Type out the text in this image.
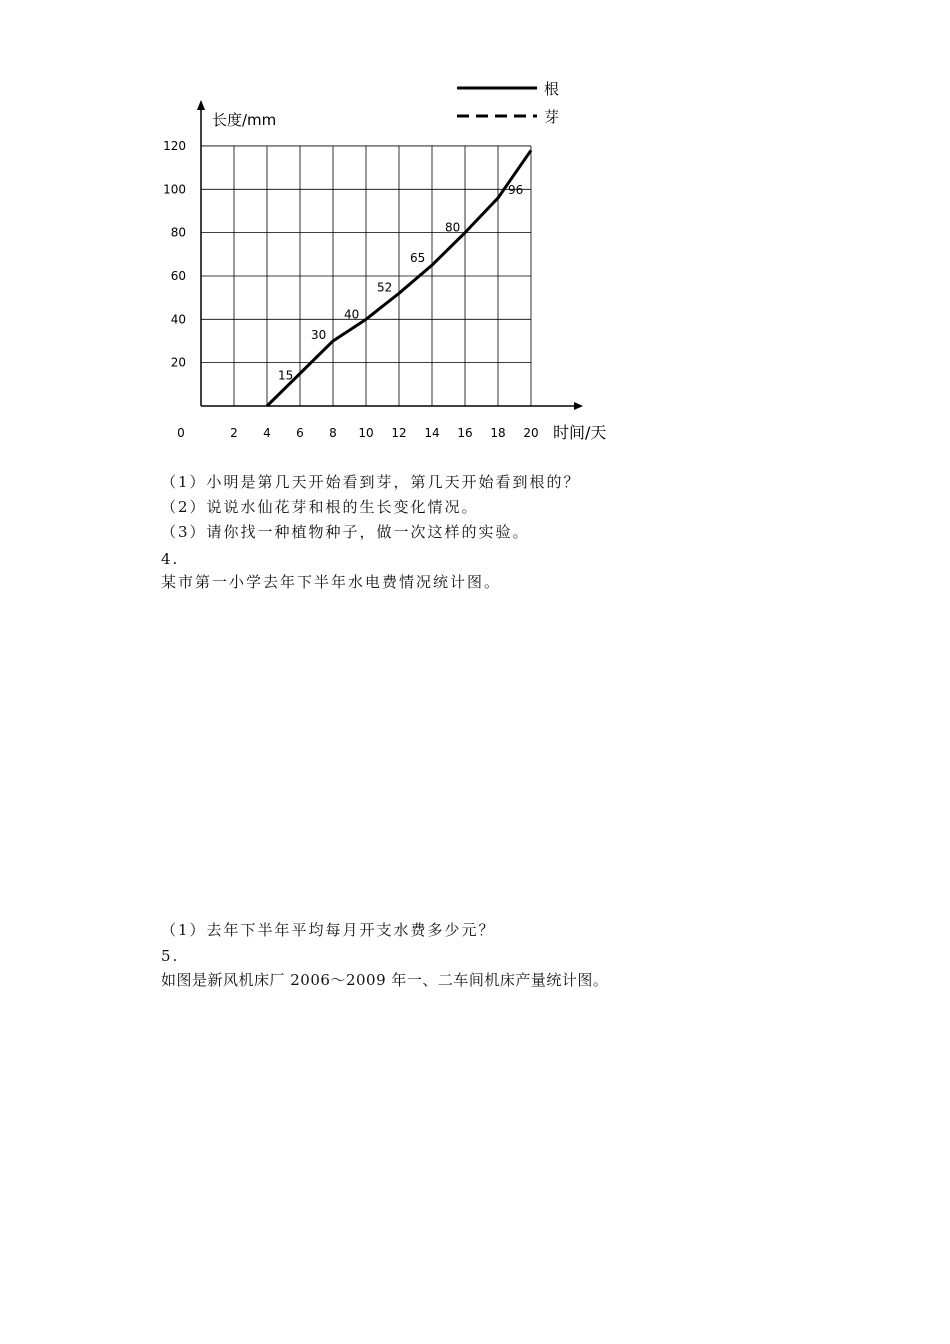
0	2 4 6 8 10 12 14 16 18 20
20
40
60
80
100
120
长度/mm
时间/天
根
芽
15
30
40
52
65
80
96
（1）小明是第几天开始看到芽，第几天开始看到根的？
（2）说说水仙花芽和根的生长变化情况。
（3）请你找一种植物种子，做一次这样的实验。
4.
某市第一小学去年下半年水电费情况统计图。
（1）去年下半年平均每月开支水费多少元？
5.
如图是新风机床厂 2006～2009 年一、二车间机床产量统计图。
